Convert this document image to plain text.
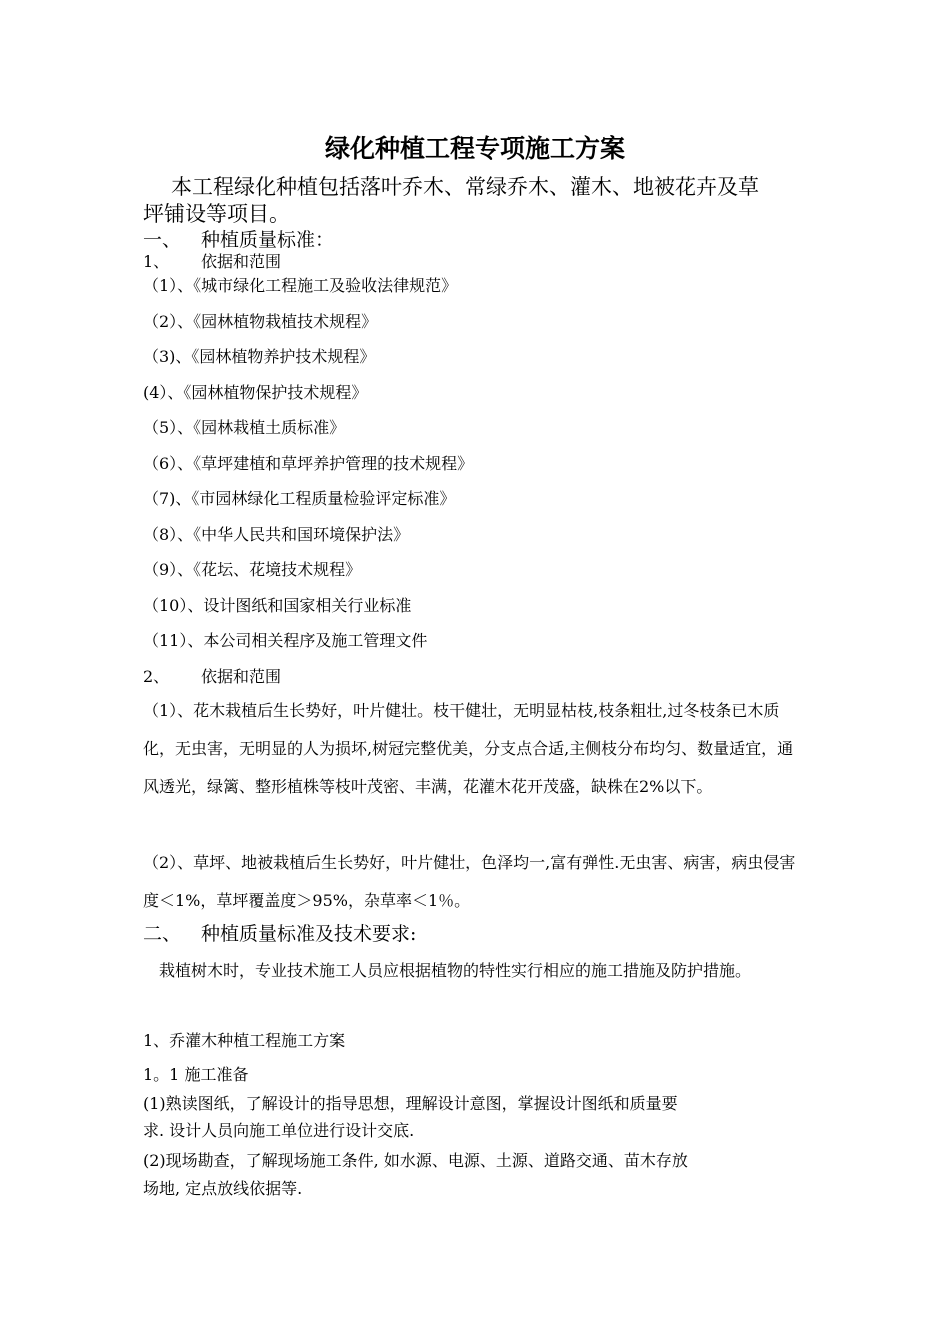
绿化种植工程专项施工方案

本工程绿化种植包括落叶乔木、常绿乔木、灌木、地被花卉及草

坪铺设等项目。

一、 种植质量标准：

1、 依据和范围

（1）、《城市绿化工程施工及验收法律规范》

（2）、《园林植物栽植技术规程》

（3)、《园林植物养护技术规程》

(4）、《园林植物保护技术规程》

（5）、《园林栽植土质标准》

（6）、《草坪建植和草坪养护管理的技术规程》

（7)、《市园林绿化工程质量检验评定标准》

（8）、《中华人民共和国环境保护法》

（9）、《花坛、花境技术规程》

（10）、设计图纸和国家相关行业标准

（11）、本公司相关程序及施工管理文件

2、 依据和范围

（1）、花木栽植后生长势好，叶片健壮。枝干健壮，无明显枯枝,枝条粗壮,过冬枝条已木质化，无虫害，无明显的人为损坏,树冠完整优美，分支点合适,主侧枝分布均匀、数量适宜，通风透光，绿篱、整形植株等枝叶茂密、丰满，花灌木花开茂盛，缺株在2%以下。

（2）、草坪、地被栽植后生长势好，叶片健壮，色泽均一,富有弹性.无虫害、病害，病虫侵害度＜1%，草坪覆盖度＞95%，杂草率＜1％。

二、 种植质量标准及技术要求:

栽植树木时，专业技术施工人员应根据植物的特性实行相应的施工措施及防护措施。

1、乔灌木种植工程施工方案

1。1 施工准备

(1)熟读图纸，了解设计的指导思想，理解设计意图，掌握设计图纸和质量要

求. 设计人员向施工单位进行设计交底.

(2)现场勘查，了解现场施工条件, 如水源、电源、土源、道路交通、苗木存放

场地, 定点放线依据等.
